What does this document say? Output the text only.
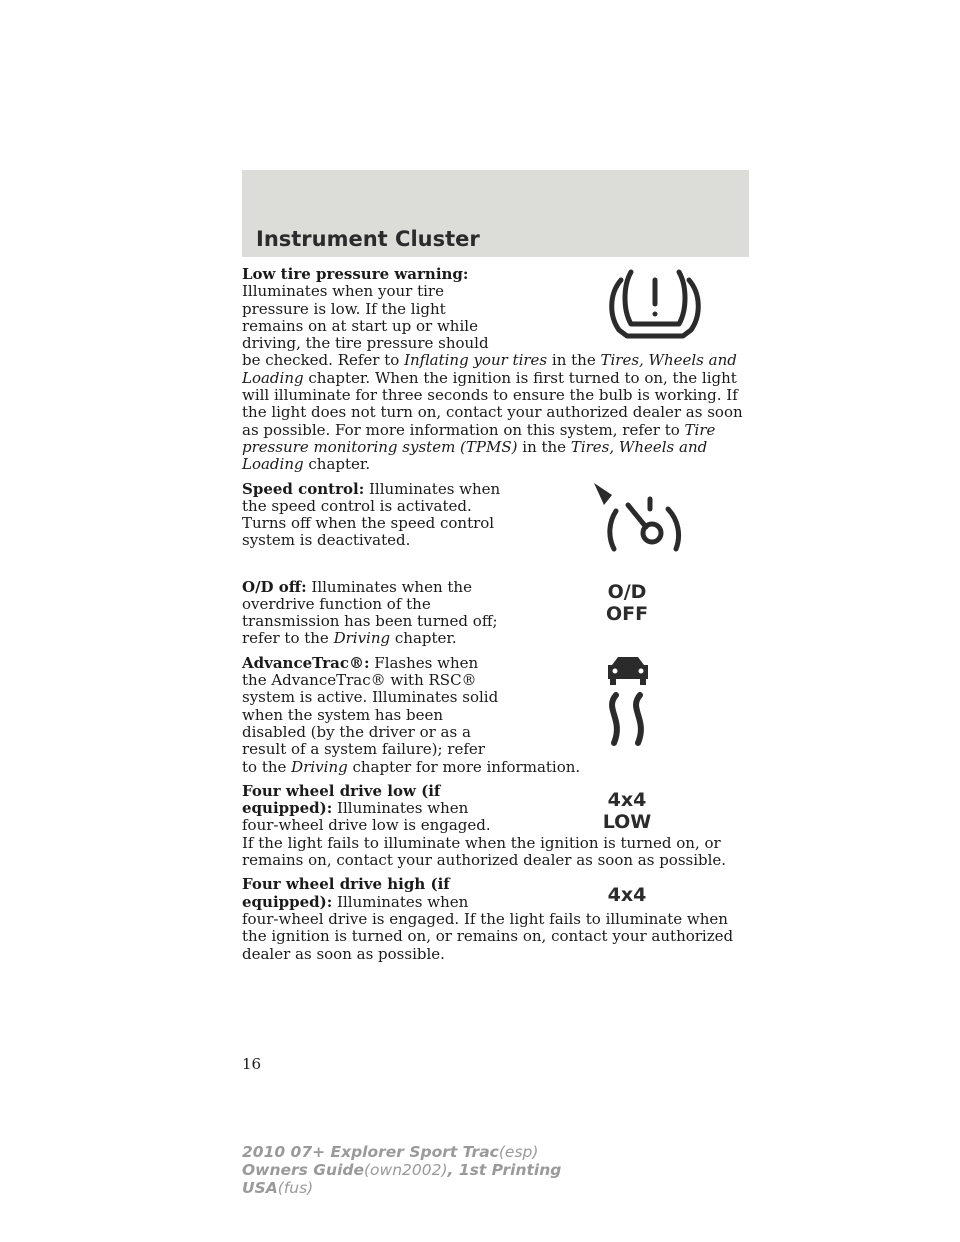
Instrument Cluster
Low tire pressure warning:
Illuminates when your tire pressure is low. If the light remains on at start up or while driving, the tire pressure should be checked. Refer to Inflating your tires in the Tires, Wheels and Loading chapter. When the ignition is first turned to on, the light will illuminate for three seconds to ensure the bulb is working. If the light does not turn on, contact your authorized dealer as soon as possible. For more information on this system, refer to Tire pressure monitoring system (TPMS) in the Tires, Wheels and Loading chapter.
Speed control: Illuminates when the speed control is activated. Turns off when the speed control system is deactivated.
O/D
OFF
O/D off: Illuminates when the overdrive function of the transmission has been turned off; refer to the Driving chapter.
AdvanceTrac®: Flashes when the AdvanceTrac® with RSC® system is active. Illuminates solid when the system has been disabled (by the driver or as a result of a system failure); refer to the Driving chapter for more information.
4x4
LOW
Four wheel drive low (if equipped): Illuminates when four-wheel drive low is engaged. If the light fails to illuminate when the ignition is turned on, or remains on, contact your authorized dealer as soon as possible.
4x4
Four wheel drive high (if equipped): Illuminates when four-wheel drive is engaged. If the light fails to illuminate when the ignition is turned on, or remains on, contact your authorized dealer as soon as possible.
16
2010 07+ Explorer Sport Trac(esp)
Owners Guide(own2002), 1st Printing
USA(fus)
